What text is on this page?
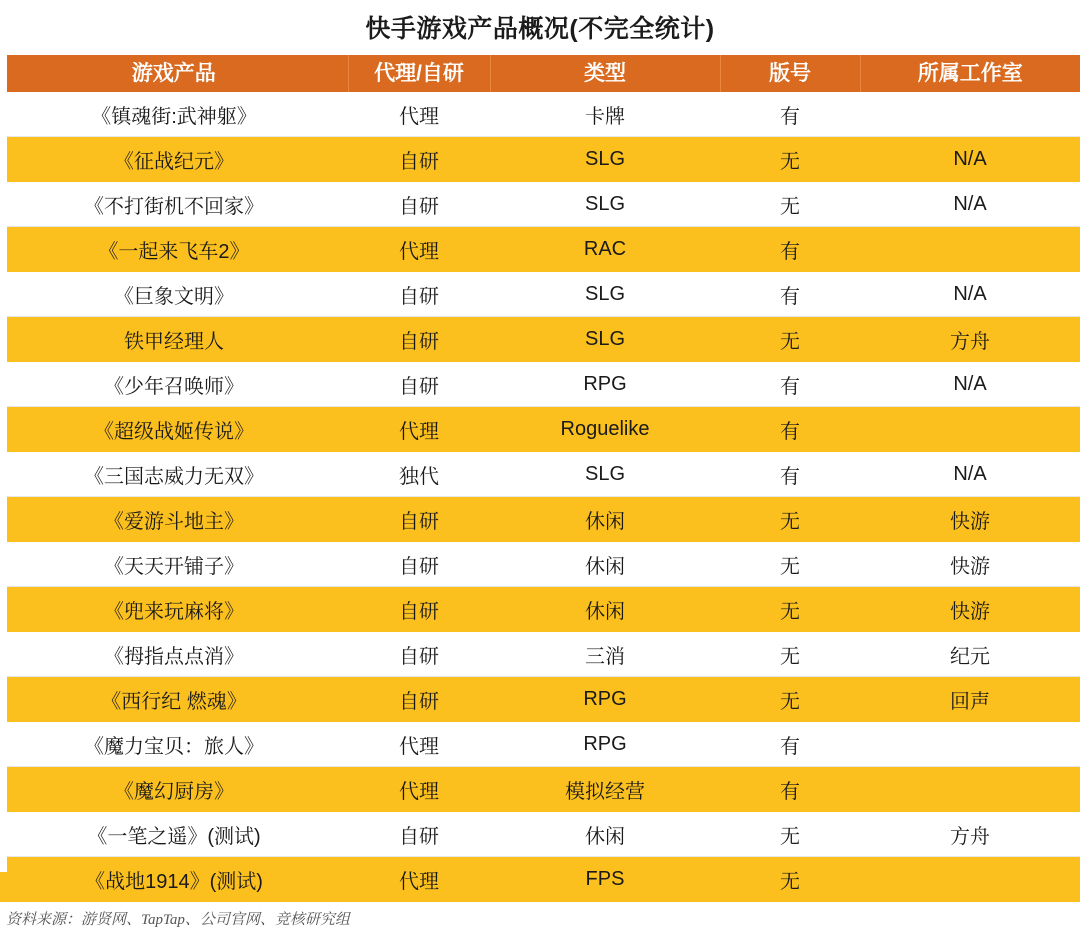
快手游戏产品概况(不完全统计)
游戏产品	代理/自研	类型	版号	所属工作室
《镇魂街:武神躯》	代理	卡牌	有	
《征战纪元》	自研	SLG	无	N/A
《不打街机不回家》	自研	SLG	无	N/A
《一起来飞车2》	代理	RAC	有	
《巨象文明》	自研	SLG	有	N/A
铁甲经理人	自研	SLG	无	方舟
《少年召唤师》	自研	RPG	有	N/A
《超级战姬传说》	代理	Roguelike	有	
《三国志威力无双》	独代	SLG	有	N/A
《爱游斗地主》	自研	休闲	无	快游
《天天开铺子》	自研	休闲	无	快游
《兜来玩麻将》	自研	休闲	无	快游
《拇指点点消》	自研	三消	无	纪元
《西行纪 燃魂》	自研	RPG	无	回声
《魔力宝贝：旅人》	代理	RPG	有	
《魔幻厨房》	代理	模拟经营	有	
《一笔之遥》(测试)	自研	休闲	无	方舟
《战地1914》(测试)	代理	FPS	无	
资料来源：游贤网、TapTap、公司官网、竞核研究组
